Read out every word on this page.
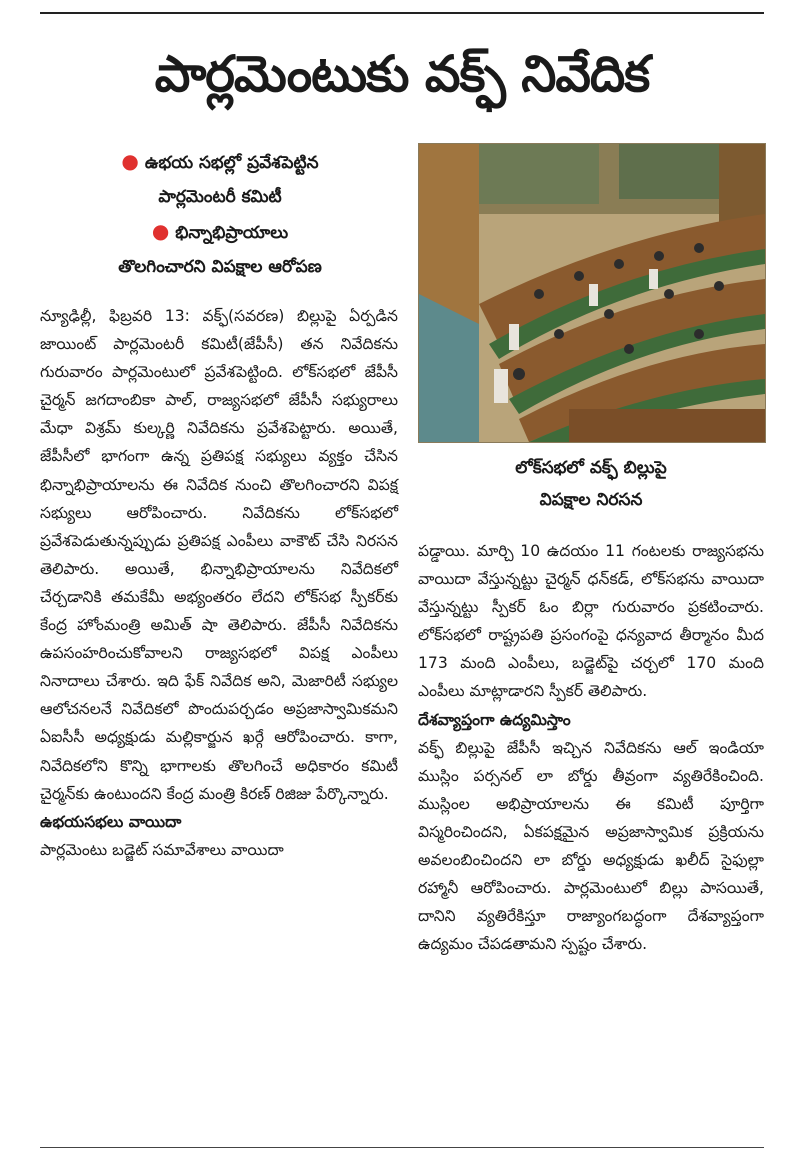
పార్లమెంటుకు వక్ఫ్ నివేదిక

● ఉభయ సభల్లో ప్రవేశపెట్టిన

పార్లమెంటరీ కమిటీ

● భిన్నాభిప్రాయాలు

తొలగించారని విపక్షాల ఆరోపణ

న్యూఢిల్లీ, ఫిబ్రవరి 13: వక్ఫ్(సవరణ) బిల్లుపై ఏర్పడిన జాయింట్ పార్లమెంటరీ కమిటీ(జేపీసీ) తన నివేదికను గురువారం పార్లమెంటులో ప్రవేశపెట్టింది. లోక్‌సభలో జేపీసీ చైర్మన్ జగదాంబికా పాల్, రాజ్యసభలో జేపీసీ సభ్యురాలు మేధా విశ్రమ్ కుల్కర్ణి నివేదికను ప్రవేశపెట్టారు. అయితే, జేపీసీలో భాగంగా ఉన్న ప్రతిపక్ష సభ్యులు వ్యక్తం చేసిన భిన్నాభిప్రాయాలను ఈ నివేదిక నుంచి తొలగించారని విపక్ష సభ్యులు ఆరోపించారు. నివేదికను లోక్‌సభలో ప్రవేశపెడుతున్నప్పుడు ప్రతిపక్ష ఎంపీలు వాకౌట్ చేసి నిరసన తెలిపారు. అయితే, భిన్నాభిప్రాయాలను నివేదికలో చేర్చడానికి తమకేమీ అభ్యంతరం లేదని లోక్‌సభ స్పీకర్‌కు కేంద్ర హోంమంత్రి అమిత్ షా తెలిపారు. జేపీసీ నివేదికను ఉపసంహరించుకోవాలని రాజ్యసభలో విపక్ష ఎంపీలు నినాదాలు చేశారు. ఇది ఫేక్ నివేదిక అని, మెజారిటీ సభ్యుల ఆలోచనలనే నివేదికలో పొందుపర్చడం అప్రజాస్వామికమని ఏఐసీసీ అధ్యక్షుడు మల్లికార్జున ఖర్గే ఆరోపించారు. కాగా, నివేదికలోని కొన్ని భాగాలకు తొలగించే అధికారం కమిటీ చైర్మన్‌కు ఉంటుందని కేంద్ర మంత్రి కిరణ్ రిజిజు పేర్కొన్నారు.

ఉభయసభలు వాయిదా

పార్లమెంటు బడ్జెట్ సమావేశాలు వాయిదా

లోక్‌సభలో వక్ఫ్ బిల్లుపై
విపక్షాల నిరసన

పడ్డాయి. మార్చి 10 ఉదయం 11 గంటలకు రాజ్యసభను వాయిదా వేస్తున్నట్టు చైర్మన్ ధన్‌కడ్, లోక్‌సభను వాయిదా వేస్తున్నట్టు స్పీకర్ ఓం బిర్లా గురువారం ప్రకటించారు. లోక్‌సభలో రాష్ట్రపతి ప్రసంగంపై ధన్యవాద తీర్మానం మీద 173 మంది ఎంపీలు, బడ్జెట్‌పై చర్చలో 170 మంది ఎంపీలు మాట్లాడారని స్పీకర్ తెలిపారు.

దేశవ్యాప్తంగా ఉద్యమిస్తాం

వక్ఫ్ బిల్లుపై జేపీసీ ఇచ్చిన నివేదికను ఆల్ ఇండియా ముస్లిం పర్సనల్ లా బోర్డు తీవ్రంగా వ్యతిరేకించింది. ముస్లింల అభిప్రాయాలను ఈ కమిటీ పూర్తిగా విస్మరించిందని, ఏకపక్షమైన అప్రజాస్వామిక ప్రక్రియను అవలంబించిందని లా బోర్డు అధ్యక్షుడు ఖలీద్ సైఫుల్లా రహ్మానీ ఆరోపించారు. పార్లమెంటులో బిల్లు పాసయితే, దానిని వ్యతిరేకిస్తూ రాజ్యాంగబద్ధంగా దేశవ్యాప్తంగా ఉద్యమం చేపడతామని స్పష్టం చేశారు.
